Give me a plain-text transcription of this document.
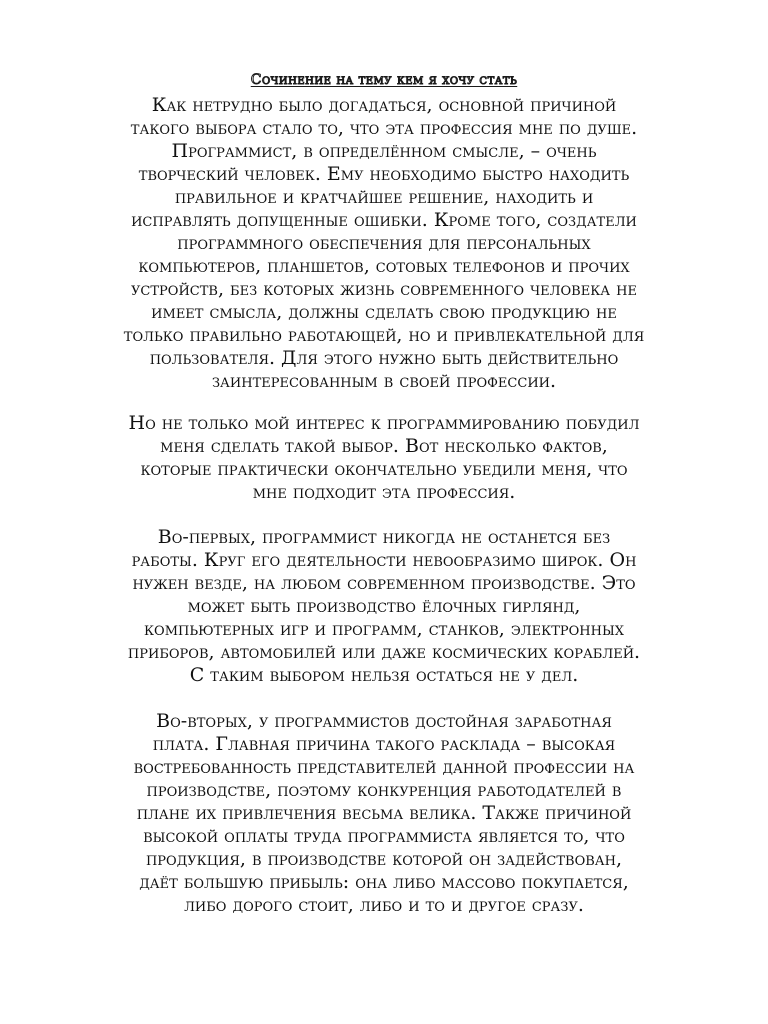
Сочинение на тему кем я хочу стать
Как нетрудно было догадаться, основной причиной
такого выбора стало то, что эта профессия мне по душе.
Программист, в определённом смысле, – очень
творческий человек. Ему необходимо быстро находить
правильное и кратчайшее решение, находить и
исправлять допущенные ошибки. Кроме того, создатели
программного обеспечения для персональных
компьютеров, планшетов, сотовых телефонов и прочих
устройств, без которых жизнь современного человека не
имеет смысла, должны сделать свою продукцию не
только правильно работающей, но и привлекательной для
пользователя. Для этого нужно быть действительно
заинтересованным в своей профессии.
Но не только мой интерес к программированию побудил
меня сделать такой выбор. Вот несколько фактов,
которые практически окончательно убедили меня, что
мне подходит эта профессия.
Во-первых, программист никогда не останется без
работы. Круг его деятельности невообразимо широк. Он
нужен везде, на любом современном производстве. Это
может быть производство ёлочных гирлянд,
компьютерных игр и программ, станков, электронных
приборов, автомобилей или даже космических кораблей.
С таким выбором нельзя остаться не у дел.
Во-вторых, у программистов достойная заработная
плата. Главная причина такого расклада – высокая
востребованность представителей данной профессии на
производстве, поэтому конкуренция работодателей в
плане их привлечения весьма велика. Также причиной
высокой оплаты труда программиста является то, что
продукция, в производстве которой он задействован,
даёт большую прибыль: она либо массово покупается,
либо дорого стоит, либо и то и другое сразу.
